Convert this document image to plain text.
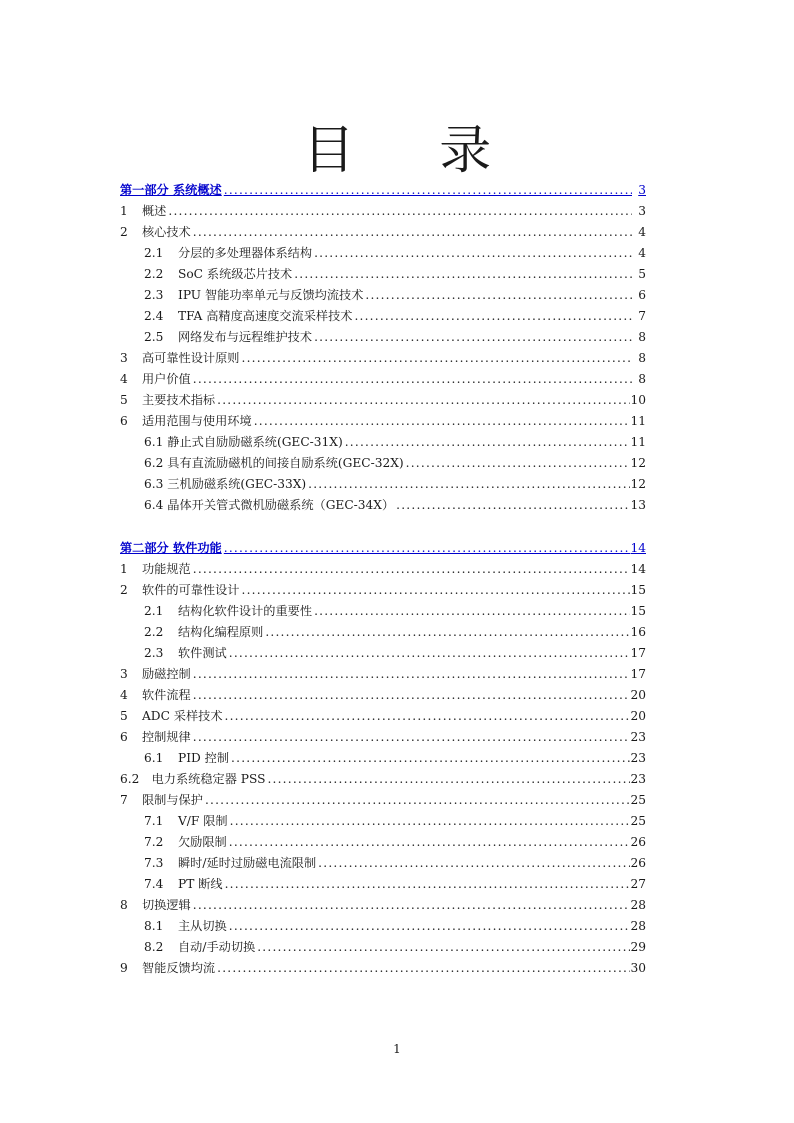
目 录
第一部分 系统概述 .....	3
1	概述 .....	3
2	核心技术 .....	4
2.1	分层的多处理器体系结构 .....	4
2.2	SoC 系统级芯片技术 .....	5
2.3	IPU 智能功率单元与反馈均流技术 .....	6
2.4	TFA 高精度高速度交流采样技术 .....	7
2.5	网络发布与远程维护技术 .....	8
3	高可靠性设计原则 .....	8
4	用户价值 .....	8
5	主要技术指标 .....	10
6	适用范围与使用环境 .....	11
6.1 静止式自励励磁系统(GEC-31X) .....	11
6.2 具有直流励磁机的间接自励系统(GEC-32X) .....	12
6.3 三机励磁系统(GEC-33X) .....	12
6.4 晶体开关管式微机励磁系统（GEC-34X） .....	13
第二部分 软件功能 .....	14
1	功能规范 .....	14
2	软件的可靠性设计 .....	15
2.1	结构化软件设计的重要性 .....	15
2.2	结构化编程原则 .....	16
2.3	软件测试 .....	17
3	励磁控制 .....	17
4	软件流程 .....	20
5	ADC 采样技术 .....	20
6	控制规律 .....	23
6.1	PID 控制 .....	23
6.2　电力系统稳定器 PSS .....	23
7	限制与保护 .....	25
7.1	V/F 限制 .....	25
7.2	欠励限制 .....	26
7.3	瞬时/延时过励磁电流限制 .....	26
7.4	PT 断线 .....	27
8	切换逻辑 .....	28
8.1	主从切换 .....	28
8.2	自动/手动切换 .....	29
9	智能反馈均流 .....	30
1
